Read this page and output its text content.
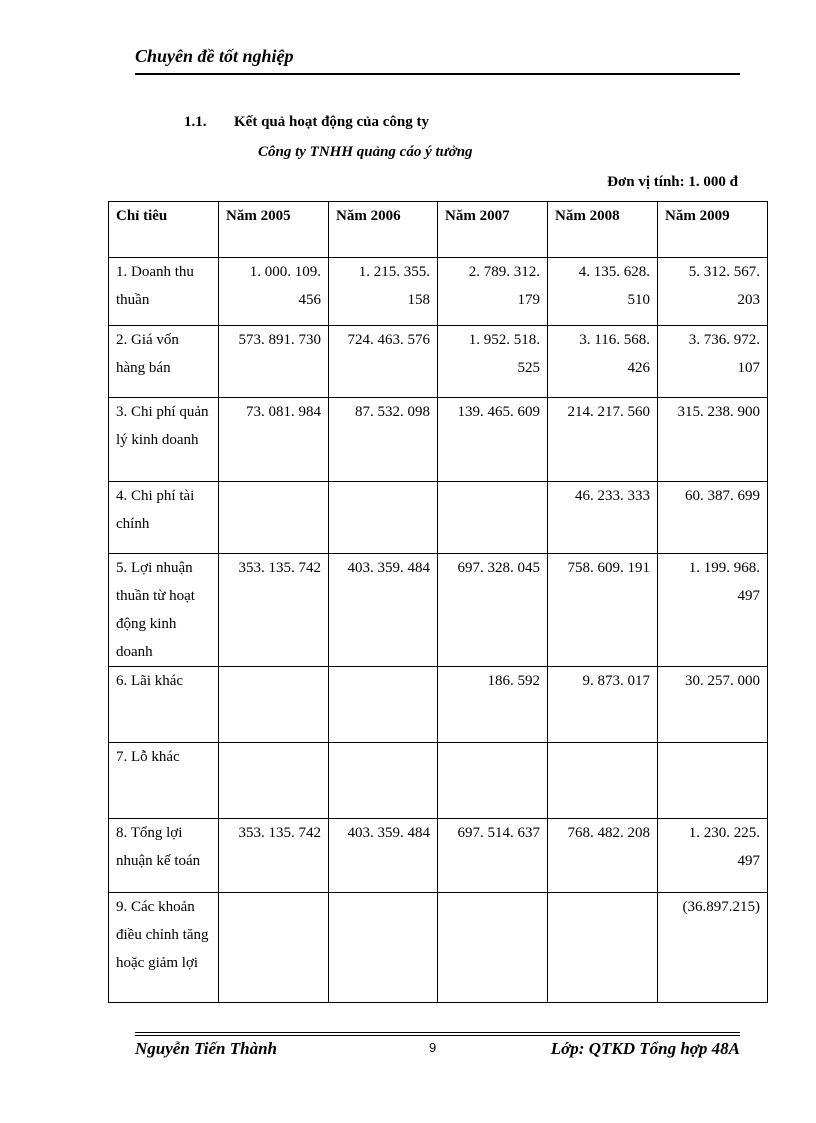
Chuyên đề tốt nghiệp
1.1. Kết quả hoạt động của công ty
Công ty TNHH quảng cáo ý tưởng
Đơn vị tính: 1. 000 đ
Chỉ tiêu	Năm 2005	Năm 2006	Năm 2007	Năm 2008	Năm 2009
1. Doanh thu thuần	1. 000. 109. 456	1. 215. 355. 158	2. 789. 312. 179	4. 135. 628. 510	5. 312. 567. 203
2. Giá vốn hàng bán	573. 891. 730	724. 463. 576	1. 952. 518. 525	3. 116. 568. 426	3. 736. 972. 107
3. Chi phí quản lý kinh doanh	73. 081. 984	87. 532. 098	139. 465. 609	214. 217. 560	315. 238. 900
4. Chi phí tài chính				46. 233. 333	60. 387. 699
5. Lợi nhuận thuần từ hoạt động kinh doanh	353. 135. 742	403. 359. 484	697. 328. 045	758. 609. 191	1. 199. 968. 497
6. Lãi khác			186. 592	9. 873. 017	30. 257. 000
7. Lỗ khác					
8. Tổng lợi nhuận kế toán	353. 135. 742	403. 359. 484	697. 514. 637	768. 482. 208	1. 230. 225. 497
9. Các khoản điều chỉnh tăng hoặc giảm lợi					(36.897.215)
Nguyễn Tiến Thành	9	Lớp: QTKD Tổng hợp 48A
